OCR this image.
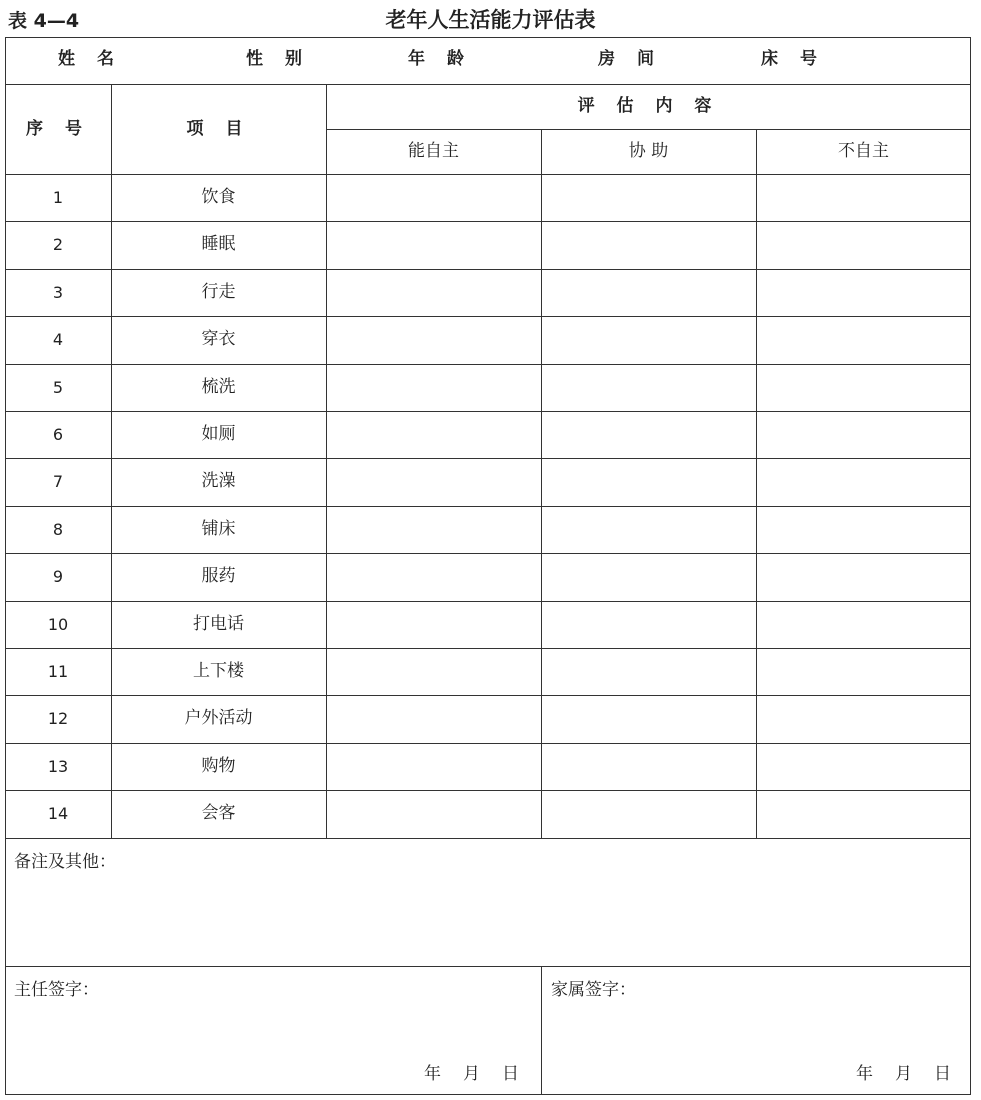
表 4—4	老年人生活能力评估表
姓 名	性 别	年 龄	房 间	床 号
序 号	项 目
评 估 内 容
能自主	协 助	不自主
1	饮食
2	睡眠
3	行走
4	穿衣
5	梳洗
6	如厕
7	洗澡
8	铺床
9	服药
10	打电话
11	上下楼
12	户外活动
13	购物
14	会客
备注及其他：
主任签字：	家属签字：
年 月 日	年 月 日
